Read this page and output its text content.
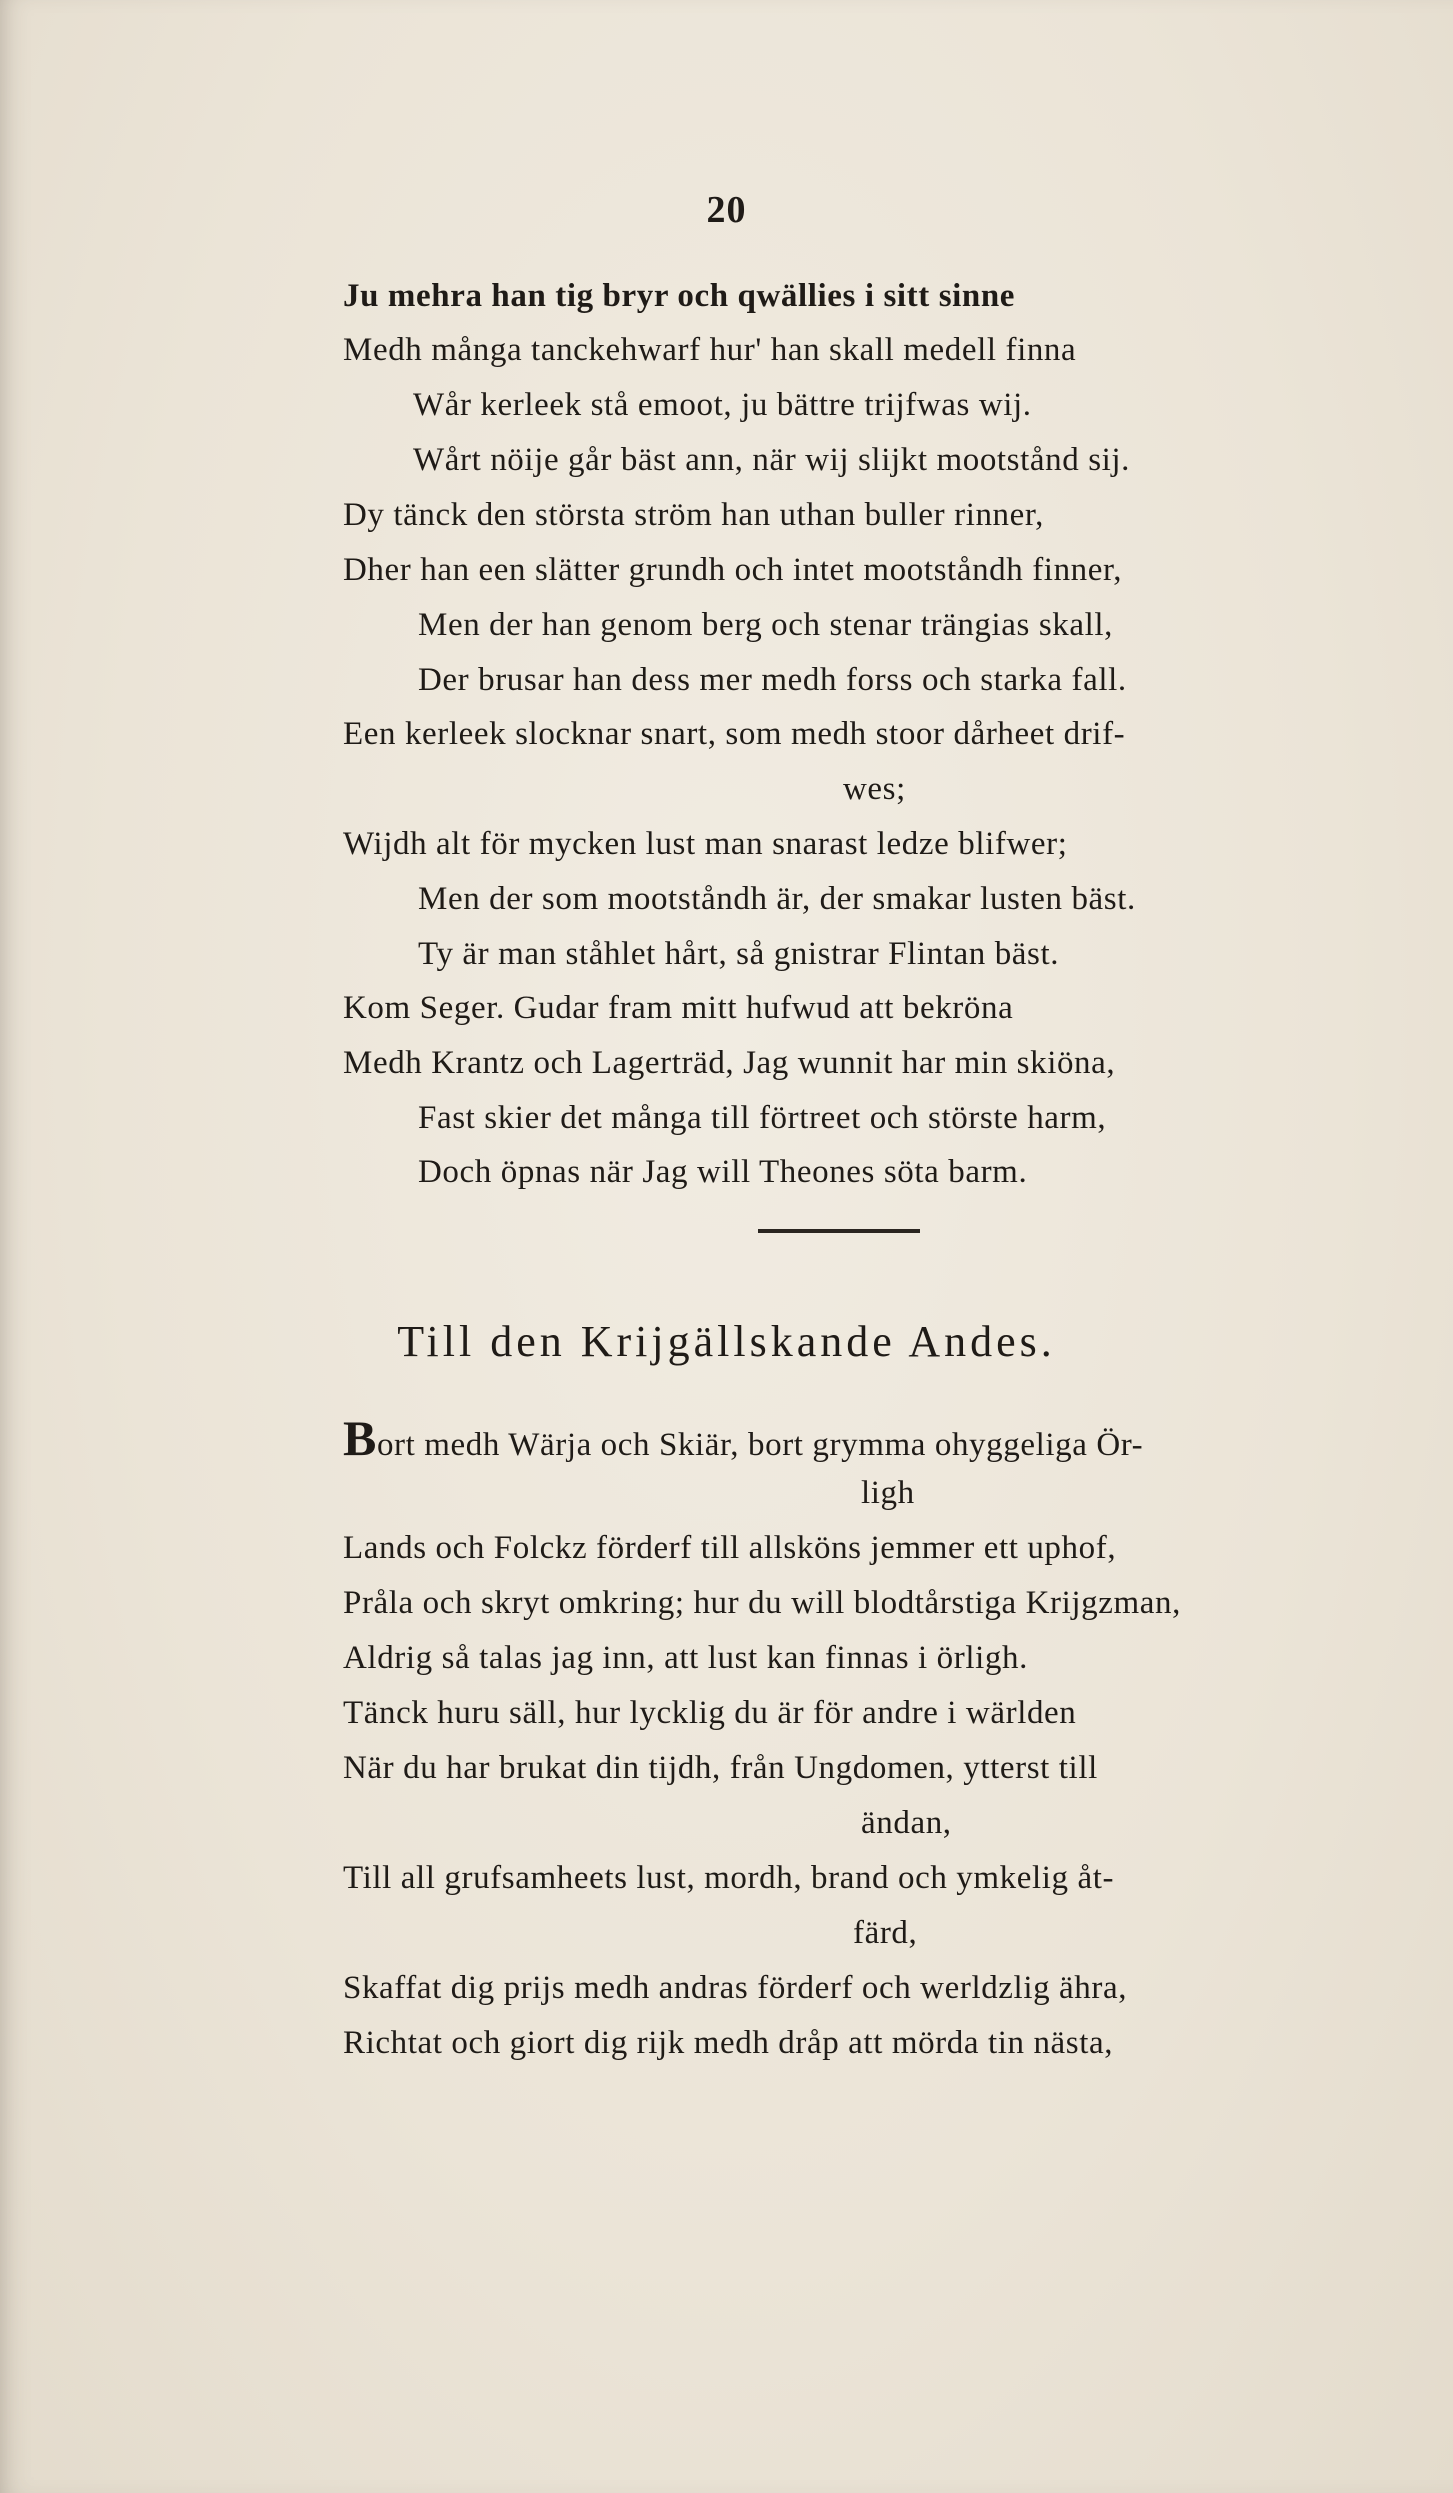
20
Ju mehra han tig bryr och qwällies i sitt sinne
Medh många tanckehwarf hur' han skall medell finna
Wår kerleek stå emoot, ju bättre trijfwas wij.
Wårt nöije går bäst ann, när wij slijkt mootstånd sij.
Dy tänck den största ström han uthan buller rinner,
Dher han een slätter grundh och intet mootståndh finner,
Men der han genom berg och stenar trängias skall,
Der brusar han dess mer medh forss och starka fall.
Een kerleek slocknar snart, som medh stoor dårheet drif-
wes;
Wijdh alt för mycken lust man snarast ledze blifwer;
Men der som mootståndh är, der smakar lusten bäst.
Ty är man ståhlet hårt, så gnistrar Flintan bäst.
Kom Seger. Gudar fram mitt hufwud att bekröna
Medh Krantz och Lagerträd, Jag wunnit har min skiöna,
Fast skier det många till förtreet och störste harm,
Doch öpnas när Jag will Theones söta barm.
Till den Krijgällskande Andes.
Bort medh Wärja och Skiär, bort grymma ohyggeliga Ör-
ligh
Lands och Folckz förderf till allsköns jemmer ett uphof,
Pråla och skryt omkring; hur du will blodtårstiga Krijgzman,
Aldrig så talas jag inn, att lust kan finnas i örligh.
Tänck huru säll, hur lycklig du är för andre i wärlden
När du har brukat din tijdh, från Ungdomen, ytterst till
ändan,
Till all grufsamheets lust, mordh, brand och ymkelig åt-
färd,
Skaffat dig prijs medh andras förderf och werldzlig ähra,
Richtat och giort dig rijk medh dråp att mörda tin nästa,
